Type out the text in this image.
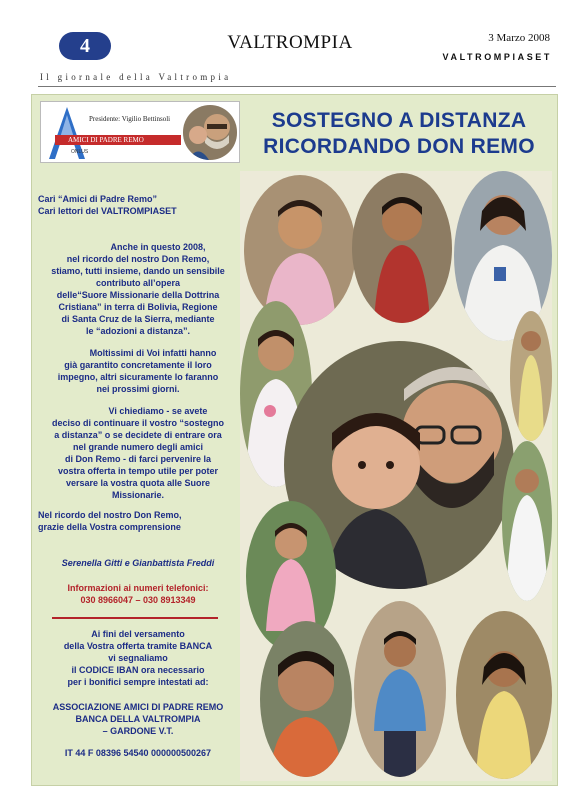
4	VALTROMPIA	3 Marzo 2008
VALTROMPIASET
Il giornale della Valtrompia
Presidente: Vigilio Bettinsoli
AMICI DI PADRE REMO
ONLUS
SOSTEGNO A DISTANZA
RICORDANDO DON REMO
Cari “Amici di Padre Remo”
Cari lettori del VALTROMPIASET
Anche in questo 2008,
nel ricordo del nostro Don Remo,
stiamo, tutti insieme, dando un sensibile
contributo all’opera
delle“Suore Missionarie della Dottrina
Cristiana” in terra di Bolivia, Regione
di Santa Cruz de la Sierra, mediante
le “adozioni a distanza”.
Moltissimi di Voi infatti hanno
già garantito concretamente il loro
impegno, altri sicuramente lo faranno
nei prossimi giorni.
Vi chiediamo - se avete
deciso di continuare il vostro “sostegno
a distanza” o se decidete di entrare ora
nel grande numero degli amici
di Don Remo - di farci pervenire la
vostra offerta in tempo utile per poter
versare la vostra quota alle Suore
Missionarie.
Nel ricordo del nostro Don Remo,
grazie della Vostra comprensione
Serenella Gitti e Gianbattista Freddi
Informazioni ai numeri telefonici:
030 8966047 – 030 8913349
Ai fini del versamento
della Vostra offerta tramite BANCA
vi segnaliamo
il CODICE IBAN ora necessario
per i bonifici sempre intestati ad:
ASSOCIAZIONE AMICI DI PADRE REMO
BANCA DELLA VALTROMPIA
– GARDONE V.T.
IT 44 F 08396 54540 000000500267
